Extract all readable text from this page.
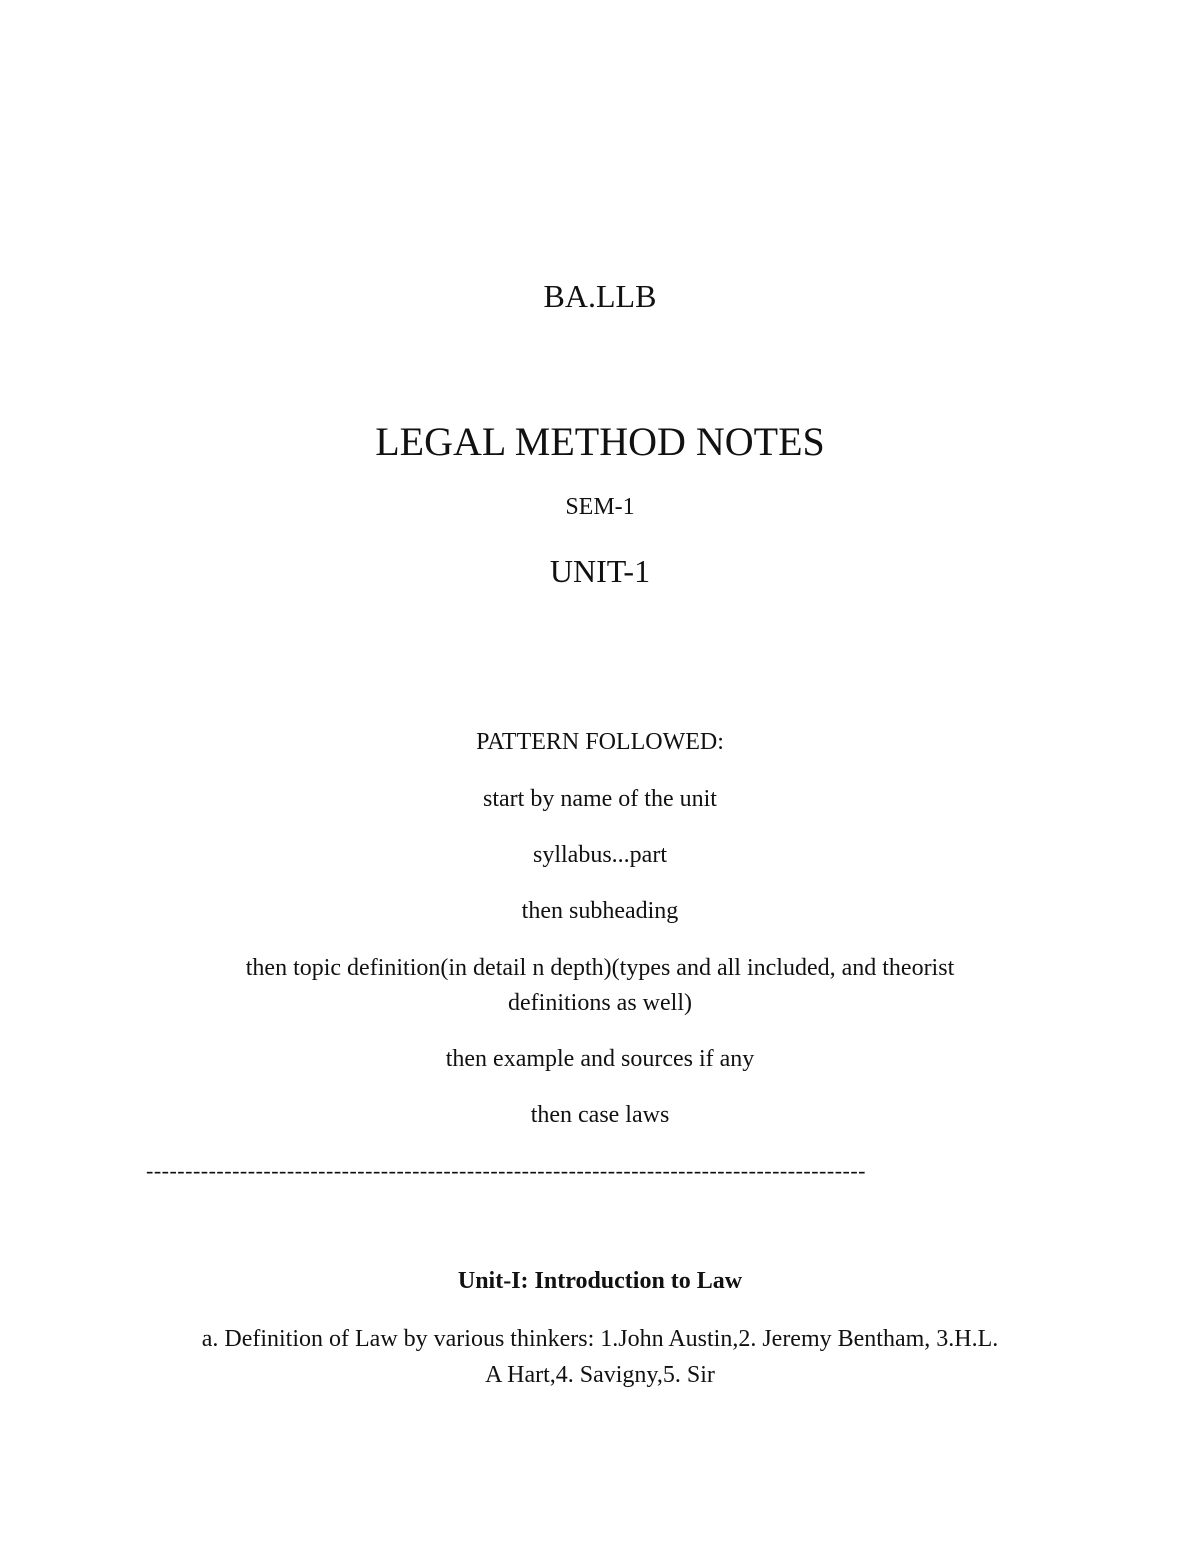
BA.LLB
LEGAL METHOD NOTES
SEM-1
UNIT-1
PATTERN FOLLOWED:
start by name of the unit
syllabus...part
then subheading
then topic definition(in detail n depth)(types and all included, and theorist
definitions as well)
then example and sources if any
then case laws
--------------------------------------------------------------------------------------------
Unit-I: Introduction to Law
a. Definition of Law by various thinkers: 1.John Austin,2. Jeremy Bentham, 3.H.L.
A Hart,4. Savigny,5. Sir
